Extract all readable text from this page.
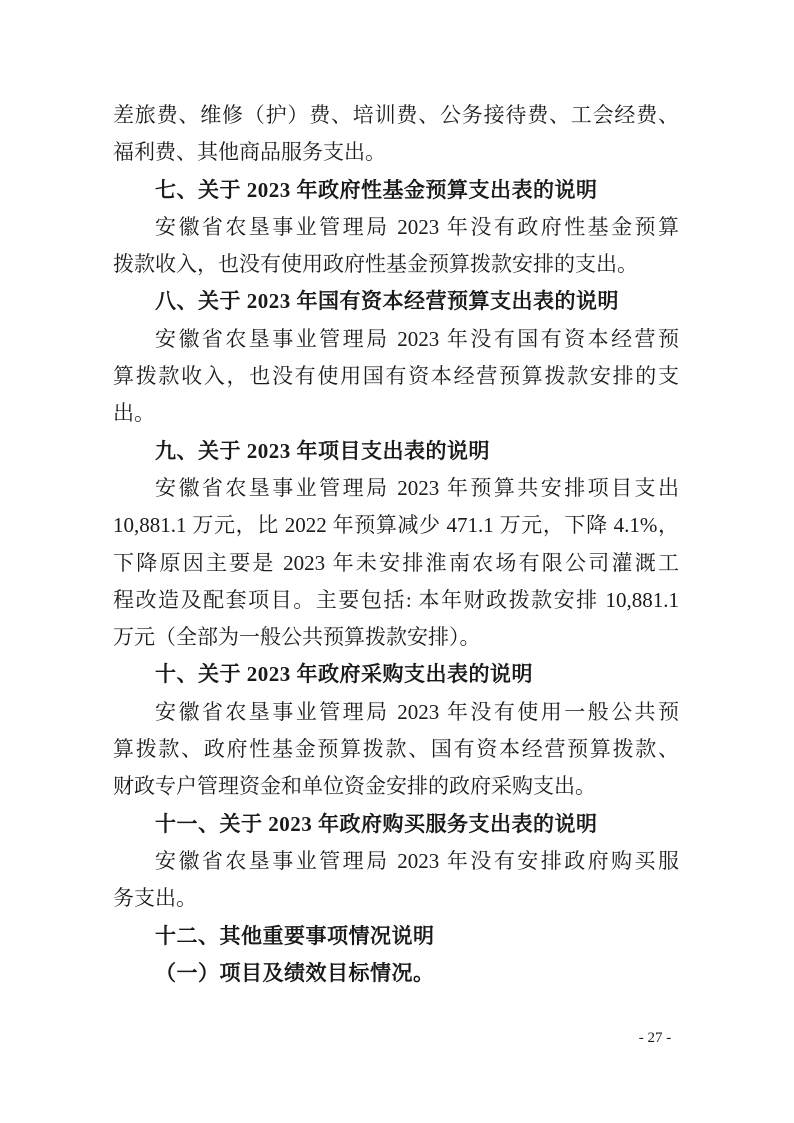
差旅费、维修（护）费、培训费、公务接待费、工会经费、
福利费、其他商品服务支出。
七、关于 2023 年政府性基金预算支出表的说明
安徽省农垦事业管理局 2023 年没有政府性基金预算
拨款收入，也没有使用政府性基金预算拨款安排的支出。
八、关于 2023 年国有资本经营预算支出表的说明
安徽省农垦事业管理局 2023 年没有国有资本经营预
算拨款收入，也没有使用国有资本经营预算拨款安排的支
出。
九、关于 2023 年项目支出表的说明
安徽省农垦事业管理局 2023 年预算共安排项目支出
10,881.1 万元，比 2022 年预算减少 471.1 万元，下降 4.1%，
下降原因主要是 2023 年未安排淮南农场有限公司灌溉工
程改造及配套项目。主要包括: 本年财政拨款安排 10,881.1
万元（全部为一般公共预算拨款安排）。
十、关于 2023 年政府采购支出表的说明
安徽省农垦事业管理局 2023 年没有使用一般公共预
算拨款、政府性基金预算拨款、国有资本经营预算拨款、
财政专户管理资金和单位资金安排的政府采购支出。
十一、关于 2023 年政府购买服务支出表的说明
安徽省农垦事业管理局 2023 年没有安排政府购买服
务支出。
十二、其他重要事项情况说明
（一）项目及绩效目标情况。
- 27 -
